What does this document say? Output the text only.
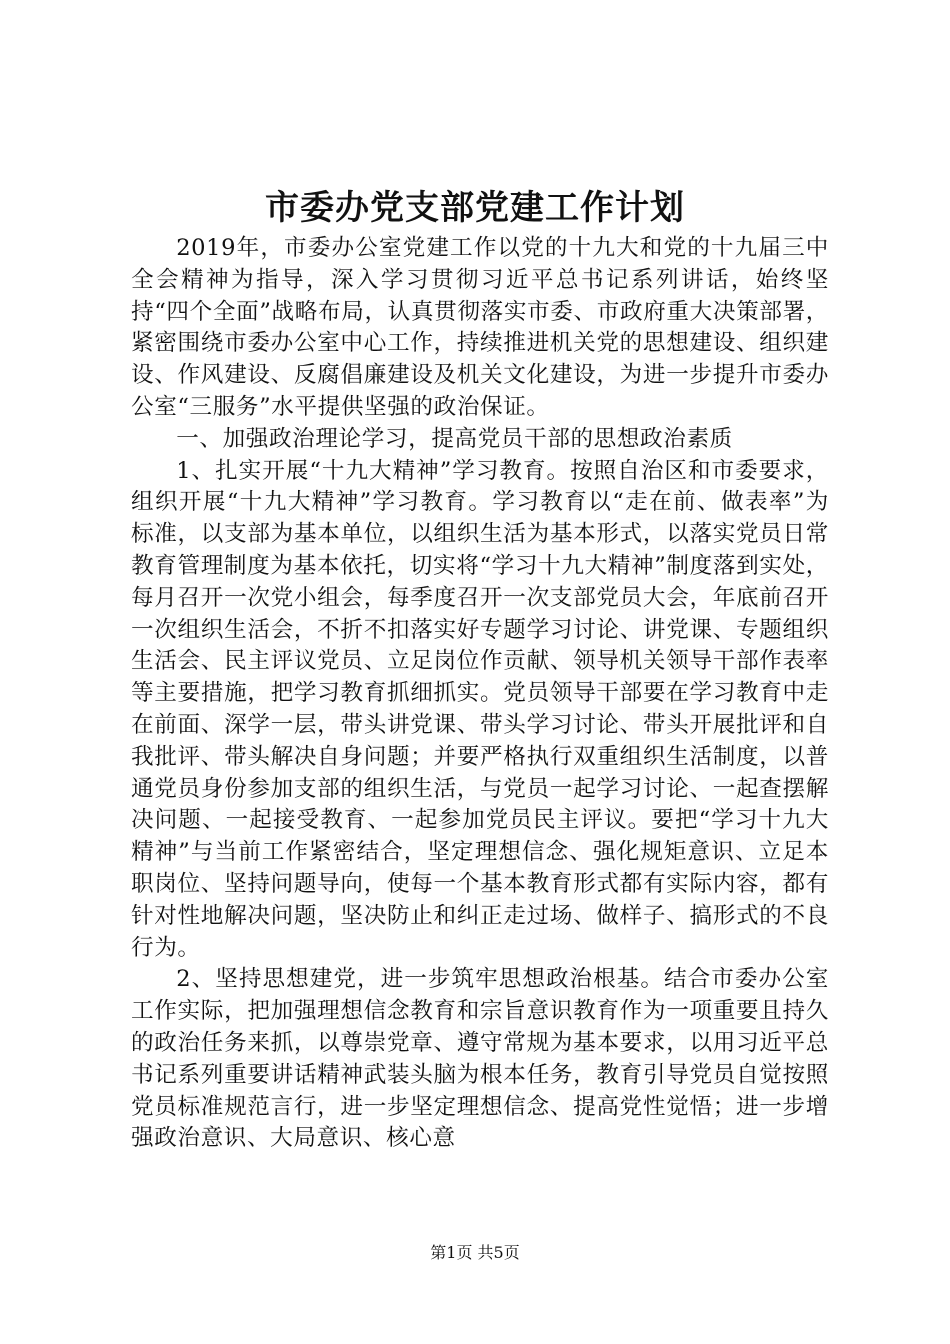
市委办党支部党建工作计划

2019年，市委办公室党建工作以党的十九大和党的十九届三中全会精神为指导，深入学习贯彻习近平总书记系列讲话，始终坚持“四个全面”战略布局，认真贯彻落实市委、市政府重大决策部署，紧密围绕市委办公室中心工作，持续推进机关党的思想建设、组织建设、作风建设、反腐倡廉建设及机关文化建设，为进一步提升市委办公室“三服务”水平提供坚强的政治保证。

一、加强政治理论学习，提高党员干部的思想政治素质

1、扎实开展“十九大精神”学习教育。按照自治区和市委要求，组织开展“十九大精神”学习教育。学习教育以“走在前、做表率”为标准，以支部为基本单位，以组织生活为基本形式，以落实党员日常教育管理制度为基本依托，切实将“学习十九大精神”制度落到实处，每月召开一次党小组会，每季度召开一次支部党员大会，年底前召开一次组织生活会，不折不扣落实好专题学习讨论、讲党课、专题组织生活会、民主评议党员、立足岗位作贡献、领导机关领导干部作表率等主要措施，把学习教育抓细抓实。党员领导干部要在学习教育中走在前面、深学一层，带头讲党课、带头学习讨论、带头开展批评和自我批评、带头解决自身问题；并要严格执行双重组织生活制度，以普通党员身份参加支部的组织生活，与党员一起学习讨论、一起查摆解决问题、一起接受教育、一起参加党员民主评议。要把“学习十九大精神”与当前工作紧密结合，坚定理想信念、强化规矩意识、立足本职岗位、坚持问题导向，使每一个基本教育形式都有实际内容，都有针对性地解决问题，坚决防止和纠正走过场、做样子、搞形式的不良行为。

2、坚持思想建党，进一步筑牢思想政治根基。结合市委办公室工作实际，把加强理想信念教育和宗旨意识教育作为一项重要且持久的政治任务来抓，以尊崇党章、遵守常规为基本要求，以用习近平总书记系列重要讲话精神武装头脑为根本任务，教育引导党员自觉按照党员标准规范言行，进一步坚定理想信念、提高党性觉悟；进一步增强政治意识、大局意识、核心意

第1页 共5页
